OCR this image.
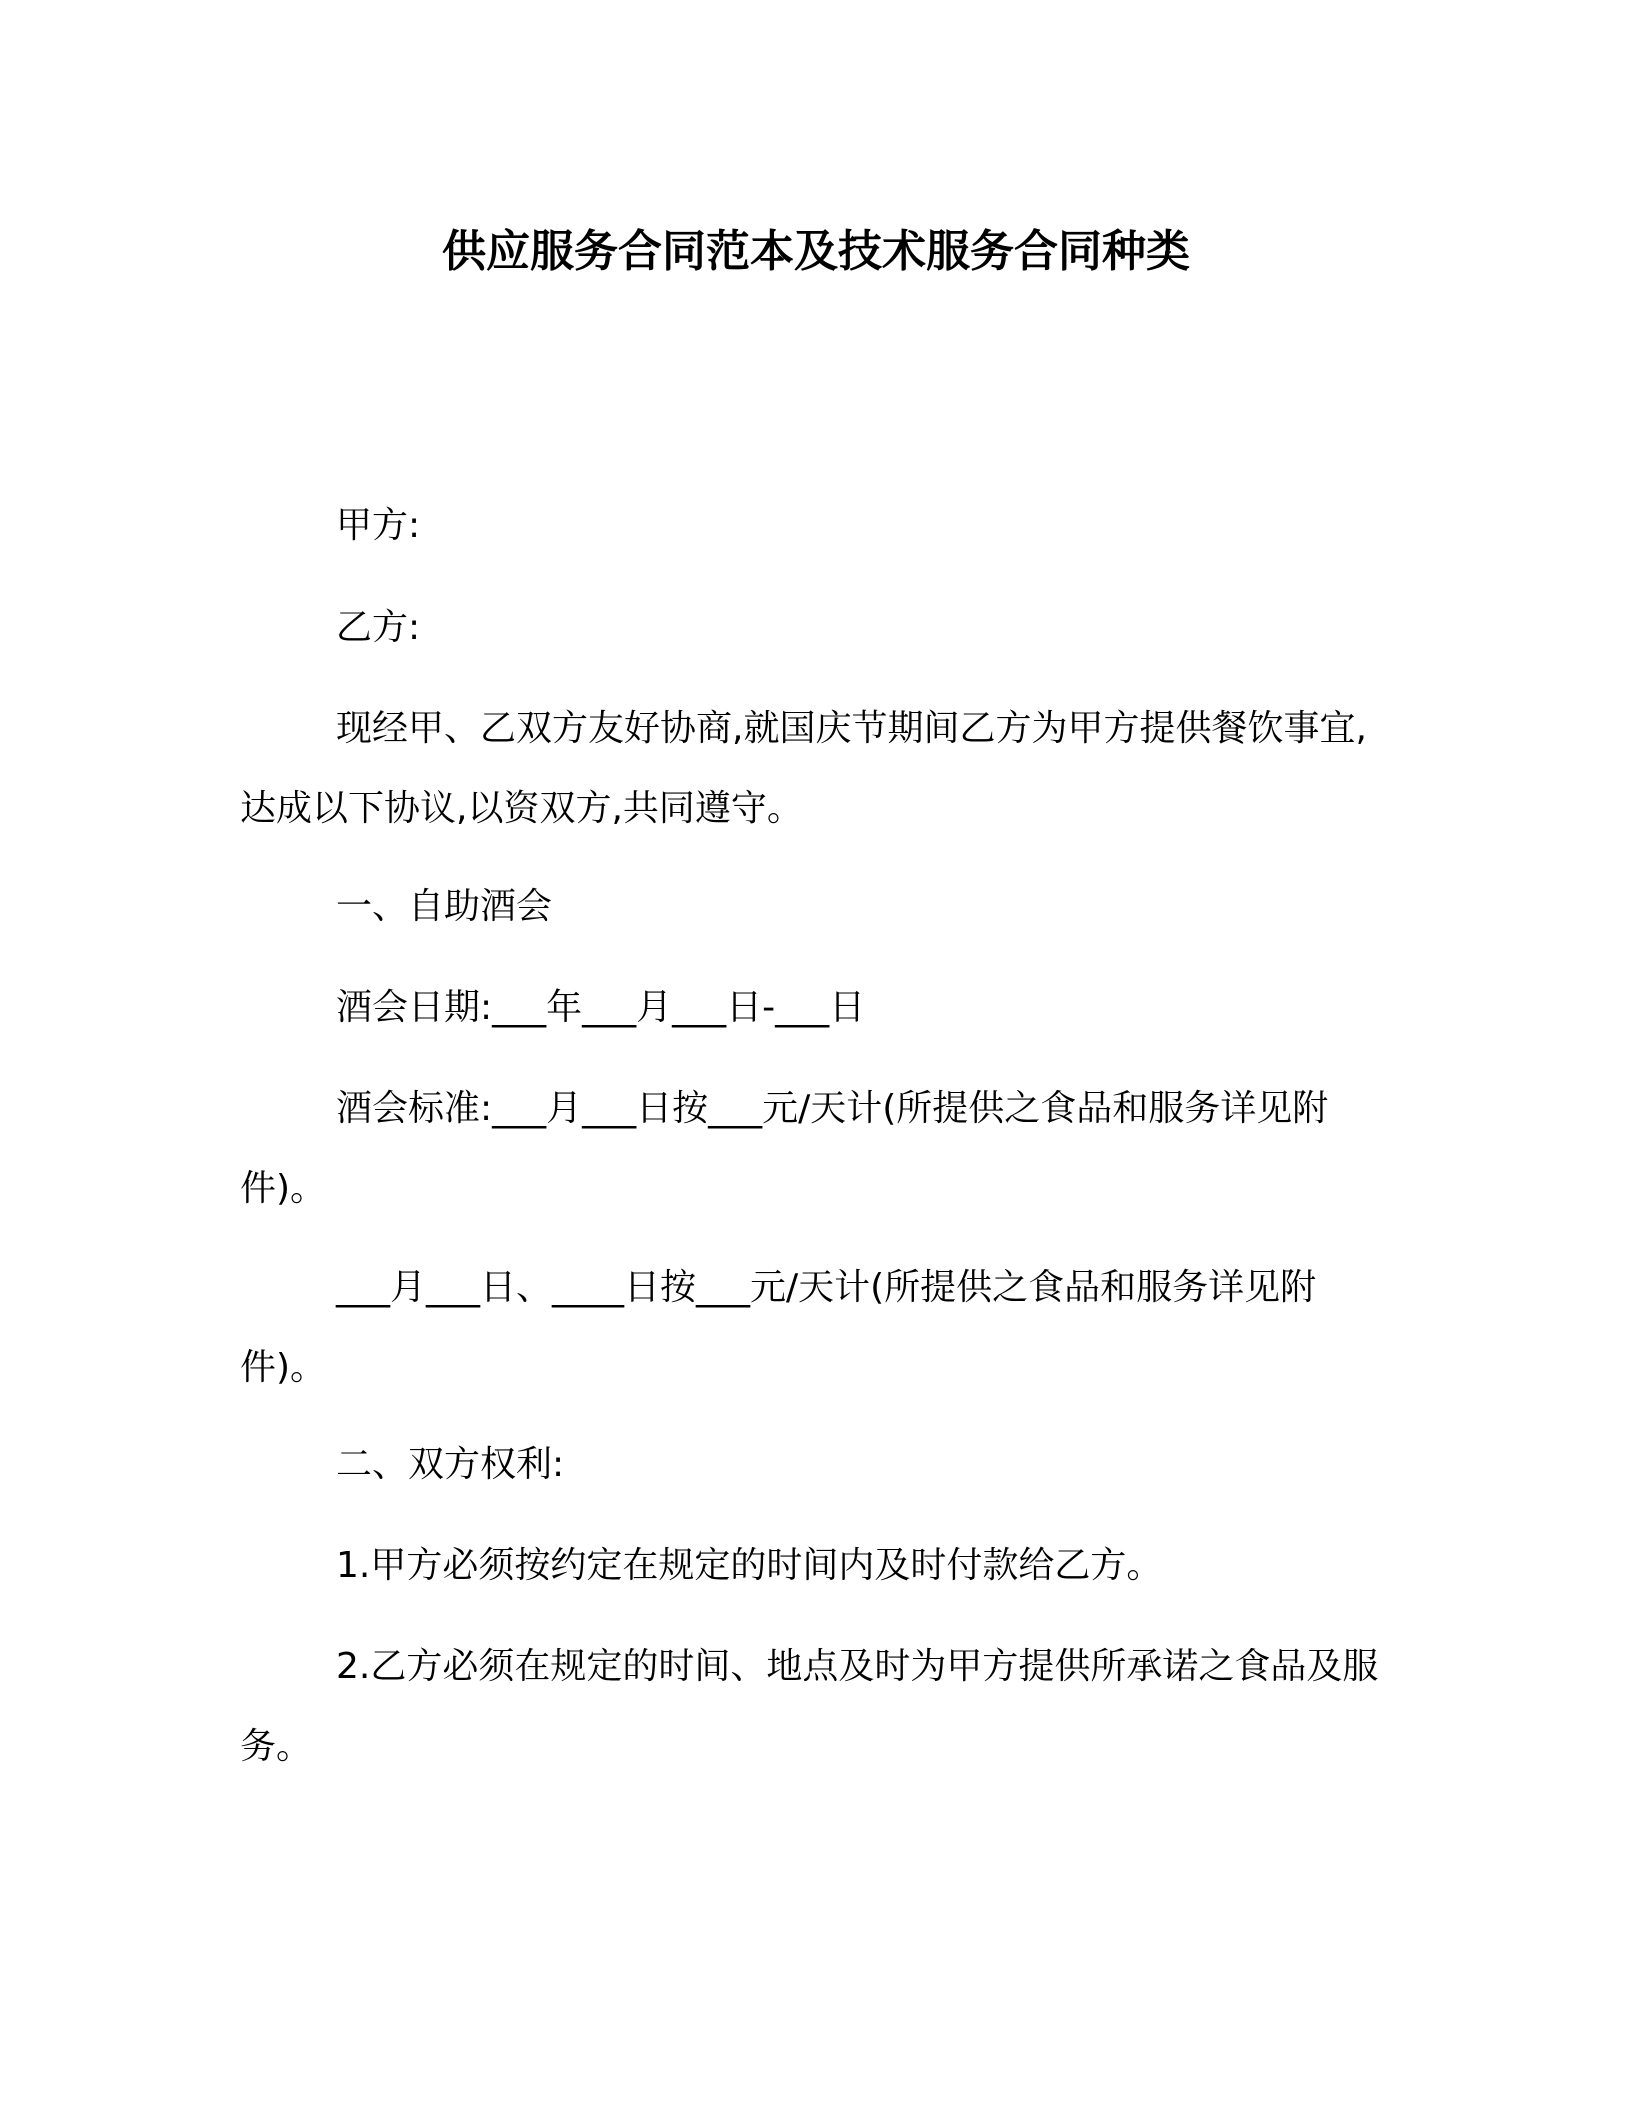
供应服务合同范本及技术服务合同种类

甲方:

乙方:

现经甲、乙双方友好协商,就国庆节期间乙方为甲方提供餐饮事宜,达成以下协议,以资双方,共同遵守。

一、自助酒会

酒会日期:___年___月___日-___日

酒会标准:___月___日按___元/天计(所提供之食品和服务详见附件)。

___月___日、____日按___元/天计(所提供之食品和服务详见附件)。

二、双方权利:

1.甲方必须按约定在规定的时间内及时付款给乙方。

2.乙方必须在规定的时间、地点及时为甲方提供所承诺之食品及服务。
